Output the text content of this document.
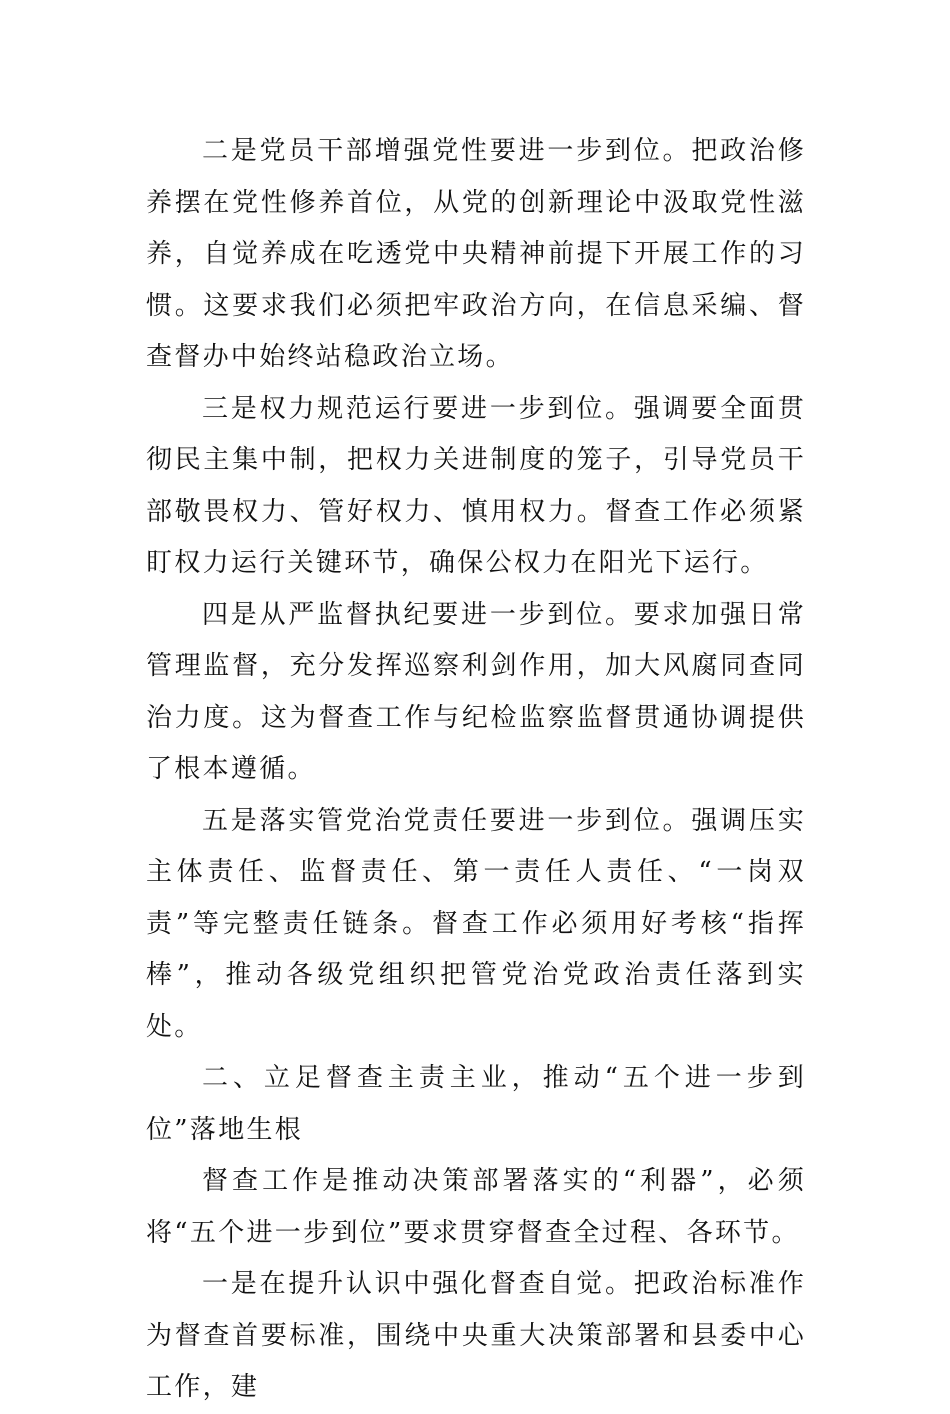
二是党员干部增强党性要进一步到位。把政治修养摆在党性修养首位，从党的创新理论中汲取党性滋养，自觉养成在吃透党中央精神前提下开展工作的习惯。这要求我们必须把牢政治方向，在信息采编、督查督办中始终站稳政治立场。

三是权力规范运行要进一步到位。强调要全面贯彻民主集中制，把权力关进制度的笼子，引导党员干部敬畏权力、管好权力、慎用权力。督查工作必须紧盯权力运行关键环节，确保公权力在阳光下运行。

四是从严监督执纪要进一步到位。要求加强日常管理监督，充分发挥巡察利剑作用，加大风腐同查同治力度。这为督查工作与纪检监察监督贯通协调提供了根本遵循。

五是落实管党治党责任要进一步到位。强调压实主体责任、监督责任、第一责任人责任、“一岗双责”等完整责任链条。督查工作必须用好考核“指挥棒”，推动各级党组织把管党治党政治责任落到实处。

二、立足督查主责主业，推动“五个进一步到位”落地生根

督查工作是推动决策部署落实的“利器”，必须将“五个进一步到位”要求贯穿督查全过程、各环节。

一是在提升认识中强化督查自觉。把政治标准作为督查首要标准，围绕中央重大决策部署和县委中心工作，建
